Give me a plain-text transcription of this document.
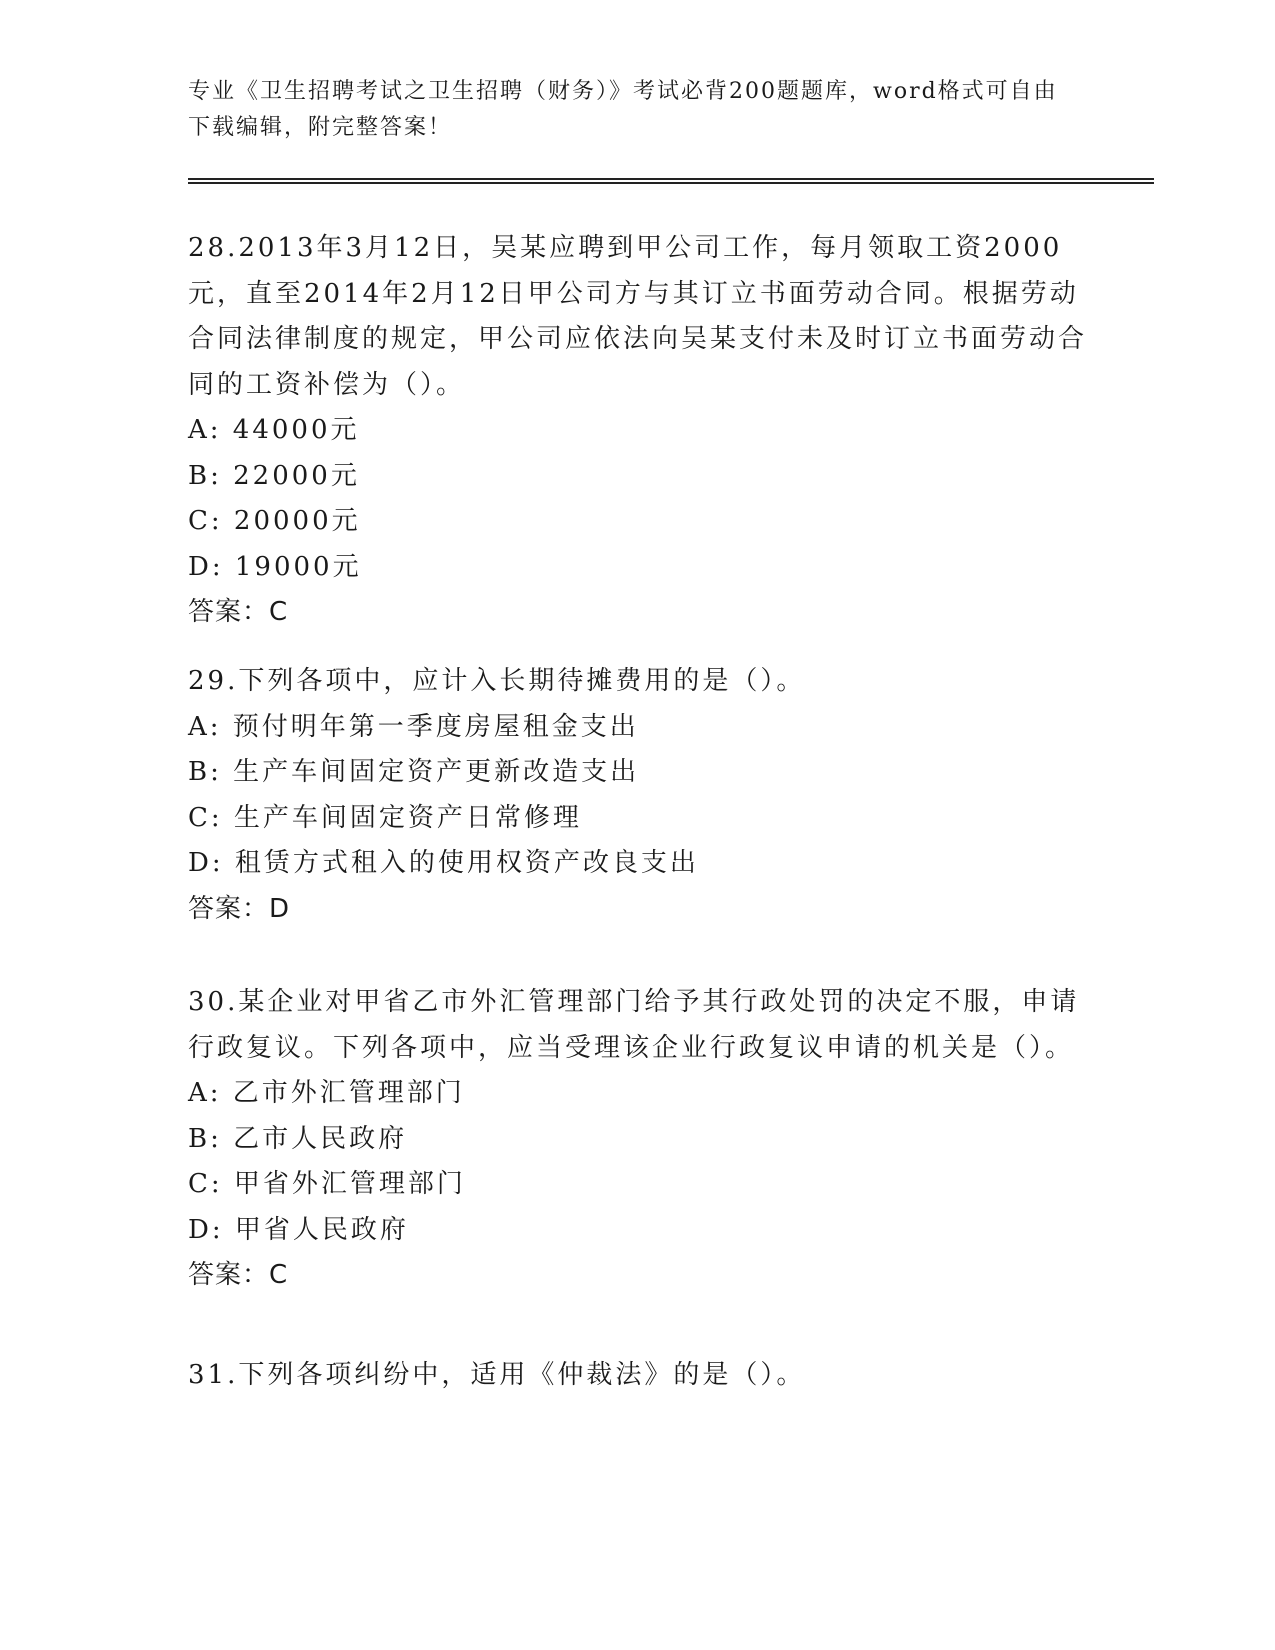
专业《卫生招聘考试之卫生招聘（财务）》考试必背200题题库，word格式可自由下载编辑，附完整答案！

28.2013年3月12日，吴某应聘到甲公司工作，每月领取工资2000元，直至2014年2月12日甲公司方与其订立书面劳动合同。根据劳动合同法律制度的规定，甲公司应依法向吴某支付未及时订立书面劳动合同的工资补偿为（）。

A: 44000元
B: 22000元
C: 20000元
D: 19000元
答案：C

29.下列各项中，应计入长期待摊费用的是（）。

A: 预付明年第一季度房屋租金支出
B: 生产车间固定资产更新改造支出
C: 生产车间固定资产日常修理
D: 租赁方式租入的使用权资产改良支出
答案：D

30.某企业对甲省乙市外汇管理部门给予其行政处罚的决定不服，申请行政复议。下列各项中，应当受理该企业行政复议申请的机关是（）。

A: 乙市外汇管理部门
B: 乙市人民政府
C: 甲省外汇管理部门
D: 甲省人民政府
答案：C

31.下列各项纠纷中，适用《仲裁法》的是（）。
